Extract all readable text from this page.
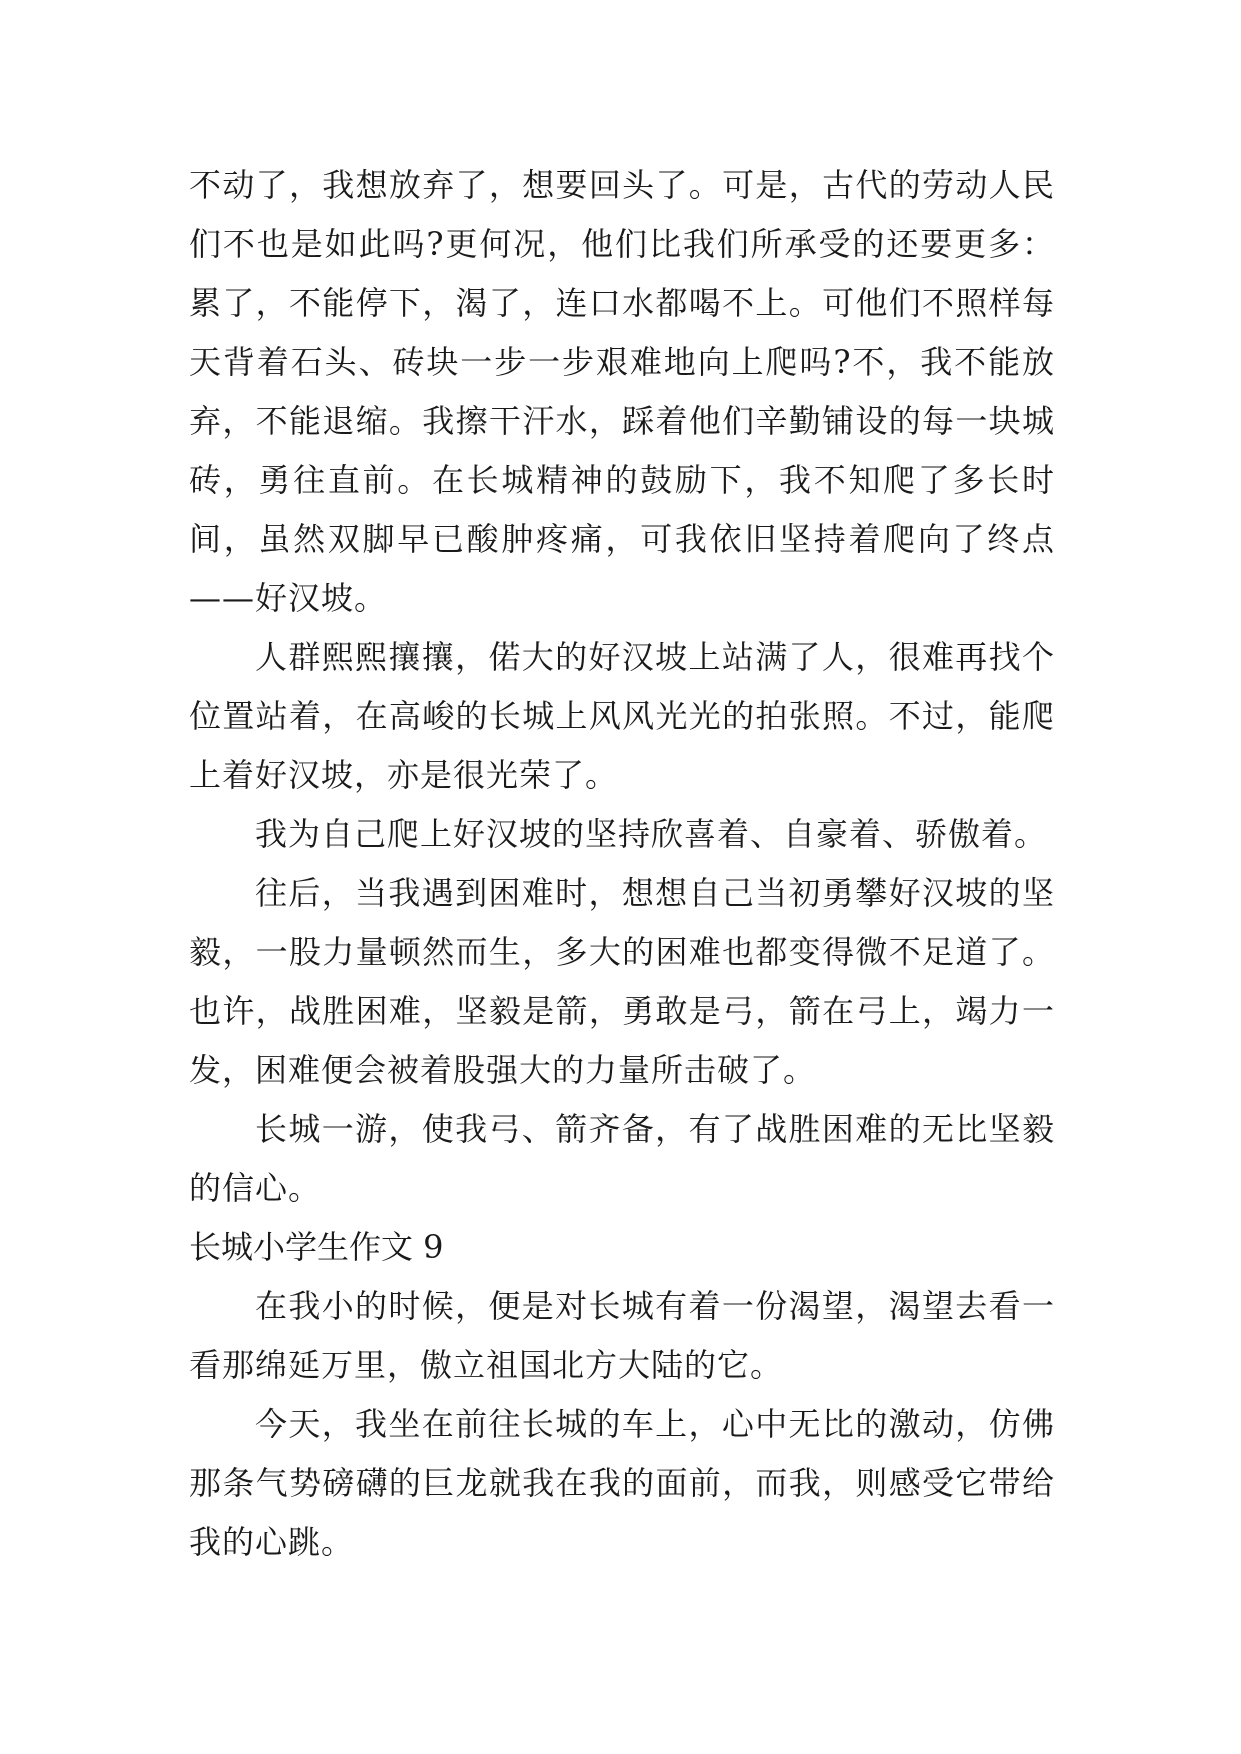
不动了，我想放弃了，想要回头了。可是，古代的劳动人民们不也是如此吗?更何况，他们比我们所承受的还要更多：累了，不能停下，渴了，连口水都喝不上。可他们不照样每天背着石头、砖块一步一步艰难地向上爬吗?不，我不能放弃，不能退缩。我擦干汗水，踩着他们辛勤铺设的每一块城砖，勇往直前。在长城精神的鼓励下，我不知爬了多长时间，虽然双脚早已酸肿疼痛，可我依旧坚持着爬向了终点——好汉坡。

人群熙熙攘攘，偌大的好汉坡上站满了人，很难再找个位置站着，在高峻的长城上风风光光的拍张照。不过，能爬上着好汉坡，亦是很光荣了。

我为自己爬上好汉坡的坚持欣喜着、自豪着、骄傲着。

往后，当我遇到困难时，想想自己当初勇攀好汉坡的坚毅，一股力量顿然而生，多大的困难也都变得微不足道了。也许，战胜困难，坚毅是箭，勇敢是弓，箭在弓上，竭力一发，困难便会被着股强大的力量所击破了。

长城一游，使我弓、箭齐备，有了战胜困难的无比坚毅的信心。

长城小学生作文 9

在我小的时候，便是对长城有着一份渴望，渴望去看一看那绵延万里，傲立祖国北方大陆的它。

今天，我坐在前往长城的车上，心中无比的激动，仿佛那条气势磅礴的巨龙就我在我的面前，而我，则感受它带给我的心跳。
